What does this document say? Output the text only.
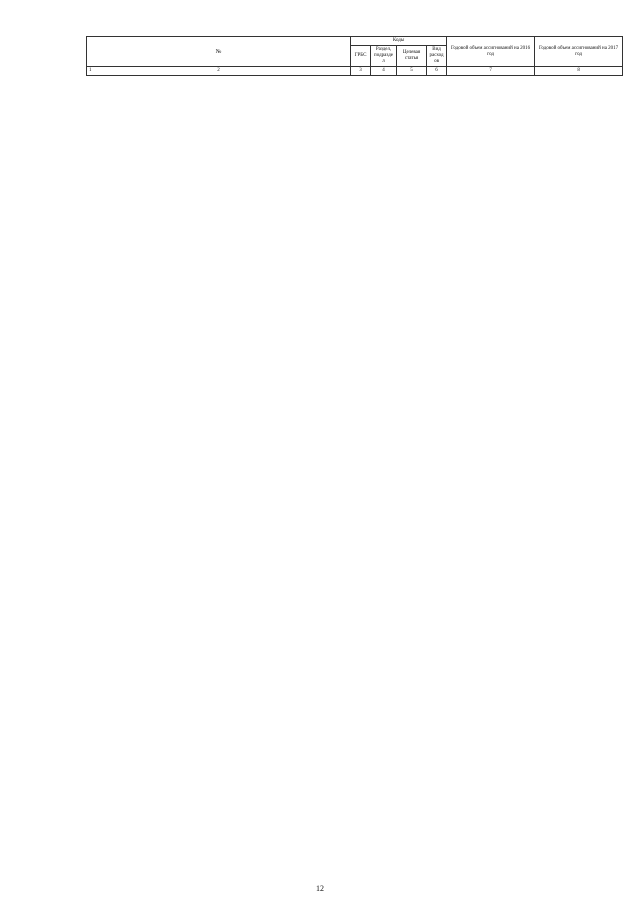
№	Коды				Годовой объем ассигнований на 2016 год	Годовой объем ассигнований на 2017 год
	ГРБС	Раздел, подраздел	Целевая статья	Вид расходов		
1	2	3	4	5	6	7	8
12
